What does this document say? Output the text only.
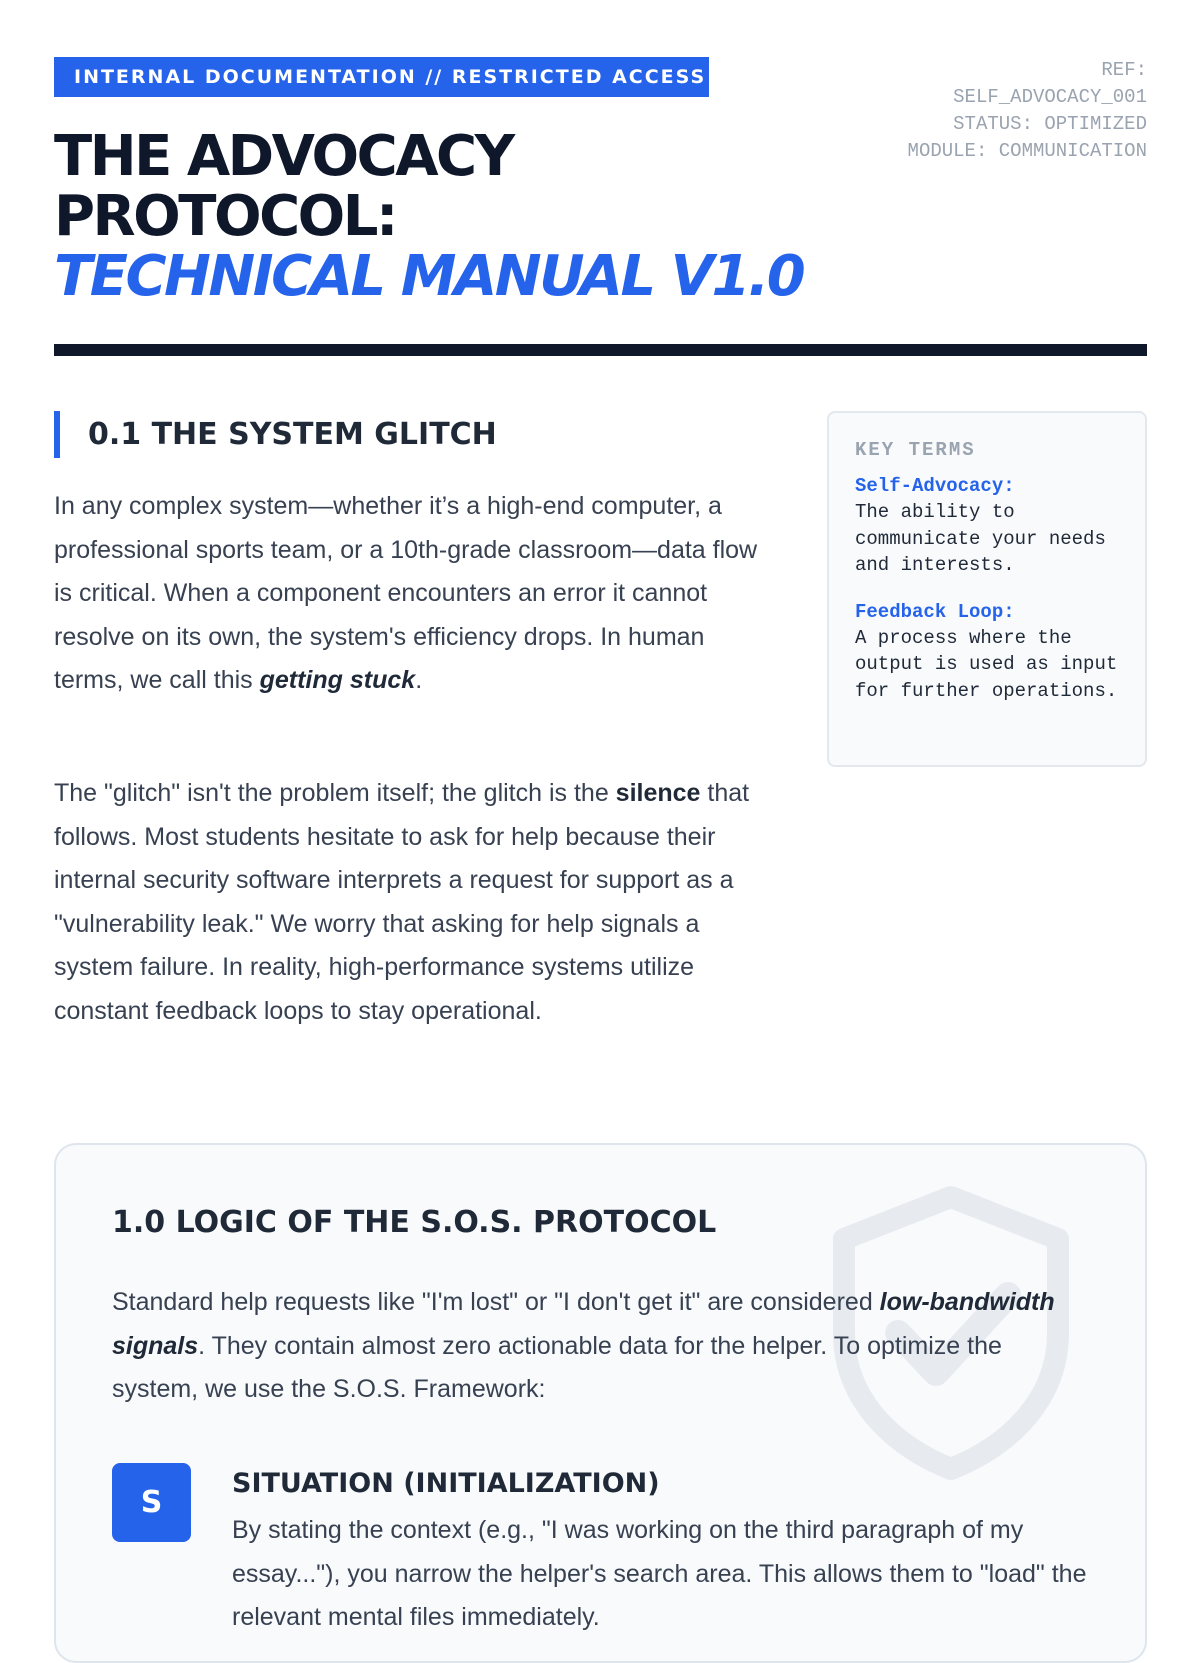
INTERNAL DOCUMENTATION // RESTRICTED ACCESS	REF:
SELF_ADVOCACY_001
STATUS: OPTIMIZED
MODULE: COMMUNICATION
THE ADVOCACY
PROTOCOL:
TECHNICAL MANUAL V1.0
0.1 THE SYSTEM GLITCH

In any complex system—whether it’s a high-end computer, a professional sports team, or a 10th-grade classroom—data flow is critical. When a component encounters an error it cannot resolve on its own, the system's efficiency drops. In human terms, we call this getting stuck.

The "glitch" isn't the problem itself; the glitch is the silence that follows. Most students hesitate to ask for help because their internal security software interprets a request for support as a "vulnerability leak." We worry that asking for help signals a system failure. In reality, high-performance systems utilize constant feedback loops to stay operational.

KEY TERMS
Self-Advocacy:
The ability to communicate your needs and interests.
Feedback Loop:
A process where the output is used as input for further operations.
1.0 LOGIC OF THE S.O.S. PROTOCOL

Standard help requests like "I'm lost" or "I don't get it" are considered low-bandwidth signals. They contain almost zero actionable data for the helper. To optimize the system, we use the S.O.S. Framework:

S
SITUATION (INITIALIZATION)

By stating the context (e.g., "I was working on the third paragraph of my essay..."), you narrow the helper's search area. This allows them to "load" the relevant mental files immediately.
